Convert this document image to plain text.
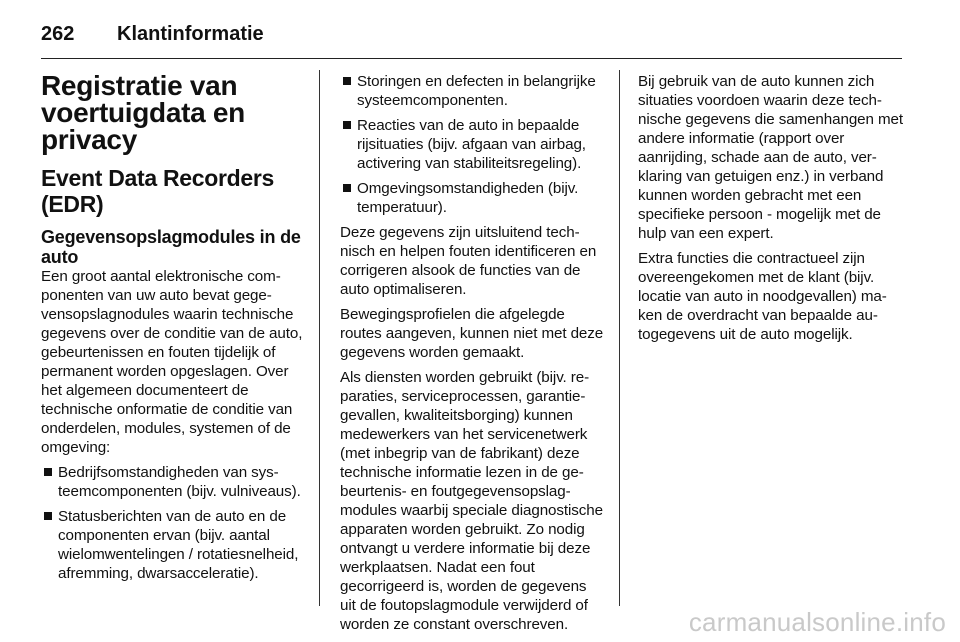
262	Klantinformatie
Registratie van voertuigdata en privacy
Event Data Recorders (EDR)
Gegevensopslagmodules in de auto

Een groot aantal elektronische componenten van uw auto bevat gegevensopslagnodules waarin technische gegevens over de conditie van de auto, gebeurtenissen en fouten tijdelijk of permanent worden opgeslagen. Over het algemeen documenteert de technische onformatie de conditie van onderdelen, modules, systemen of de omgeving:

Bedrijfsomstandigheden van systeemcomponenten (bijv. vulniveaus).
Statusberichten van de auto en de componenten ervan (bijv. aantal wielomwentelingen / rotatiesnelheid, afremming, dwarsacceleratie).
Storingen en defecten in belangrijke systeemcomponenten.
Reacties van de auto in bepaalde rijsituaties (bijv. afgaan van airbag, activering van stabiliteitsregeling).
Omgevingsomstandigheden (bijv. temperatuur).

Deze gegevens zijn uitsluitend technisch en helpen fouten identificeren en corrigeren alsook de functies van de auto optimaliseren.

Bewegingsprofielen die afgelegde routes aangeven, kunnen niet met deze gegevens worden gemaakt.

Als diensten worden gebruikt (bijv. reparaties, serviceprocessen, garantiegevallen, kwaliteitsborging) kunnen medewerkers van het servicenetwerk (met inbegrip van de fabrikant) deze technische informatie lezen in de gebeurtenis- en foutgegevensopslagmodules waarbij speciale diagnostische apparaten worden gebruikt. Zo nodig ontvangt u verdere informatie bij deze werkplaatsen. Nadat een fout gecorrigeerd is, worden de gegevens uit de foutopslagmodule verwijderd of worden ze constant overschreven.

Bij gebruik van de auto kunnen zich situaties voordoen waarin deze technische gegevens die samenhangen met andere informatie (rapport over aanrijding, schade aan de auto, verklaring van getuigen enz.) in verband kunnen worden gebracht met een specifieke persoon - mogelijk met de hulp van een expert.

Extra functies die contractueel zijn overeengekomen met de klant (bijv. locatie van auto in noodgevallen) maken de overdracht van bepaalde autogegevens uit de auto mogelijk.

carmanualsonline.info
